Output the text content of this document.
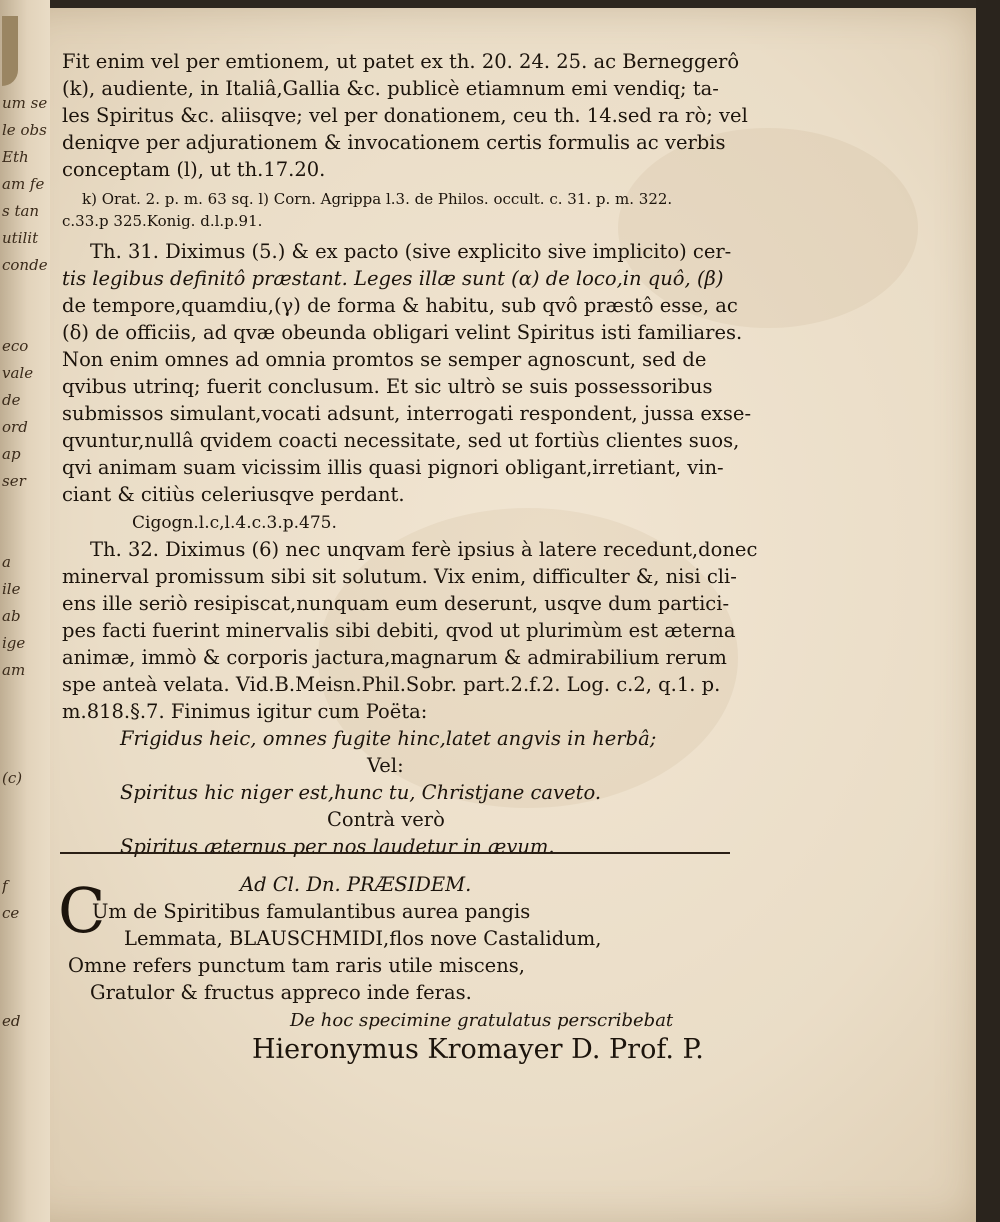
um se
le obs
Eth
am fe
s tan
utilit
conde

eco
vale
de
ord
ap
ser

a
ile
ab
ige
am

(c)

f
ce

ed
Fit enim vel per emtionem, ut patet ex th. 20. 24. 25. ac Berneggerô
(k), audiente, in Italiâ,Gallia &c. publicè etiamnum emi vendiq; ta-
les Spiritus &c. aliisqve; vel per donationem, ceu th. 14.sed ra rò; vel
deniqve per adjurationem & invocationem certis formulis ac verbis
conceptam (l), ut th.17.20.
k) Orat. 2. p. m. 63 sq. l) Corn. Agrippa l.3. de Philos. occult. c. 31. p. m. 322.
c.33.p 325.Konig. d.l.p.91.
Th. 31. Diximus (5.) & ex pacto (sive explicito sive implicito) cer-
tis legibus definitô præstant. Leges illæ sunt (α) de loco,in quô, (β)
de tempore,quamdiu,(γ) de forma & habitu, sub qvô præstô esse, ac
(δ) de officiis, ad qvæ obeunda obligari velint Spiritus isti familiares.
Non enim omnes ad omnia promtos se semper agnoscunt, sed de
qvibus utrinq; fuerit conclusum. Et sic ultrò se suis possessoribus
submissos simulant,vocati adsunt, interrogati respondent, jussa exse-
qvuntur,nullâ qvidem coacti necessitate, sed ut fortiùs clientes suos,
qvi animam suam vicissim illis quasi pignori obligant,irretiant, vin-
ciant & citiùs celeriusqve perdant.
Cigogn.l.c,l.4.c.3.p.475.
Th. 32. Diximus (6) nec unqvam ferè ipsius à latere recedunt,donec
minerval promissum sibi sit solutum. Vix enim, difficulter &, nisi cli-
ens ille seriò resipiscat,nunquam eum deserunt, usqve dum partici-
pes facti fuerint minervalis sibi debiti, qvod ut plurimùm est æterna
animæ, immò & corporis jactura,magnarum & admirabilium rerum
spe anteà velata. Vid.B.Meisn.Phil.Sobr. part.2.f.2. Log. c.2, q.1. p.
m.818.§.7. Finimus igitur cum Poëta:
Frigidus heic, omnes fugite hinc,latet angvis in herbâ;
Vel:
Spiritus hic niger est,hunc tu, Christjane caveto.
Contrà verò
Spiritus æternus per nos laudetur in ævum.
Ad Cl. Dn. PRÆSIDEM.
Um de Spiritibus famulantibus aurea pangis
Lemmata, BLAUSCHMIDI,flos nove Castalidum,
Omne refers punctum tam raris utile miscens,
Gratulor & fructus appreco inde feras.
De hoc specimine gratulatus perscribebat
Hieronymus Kromayer D. Prof. P.
C
